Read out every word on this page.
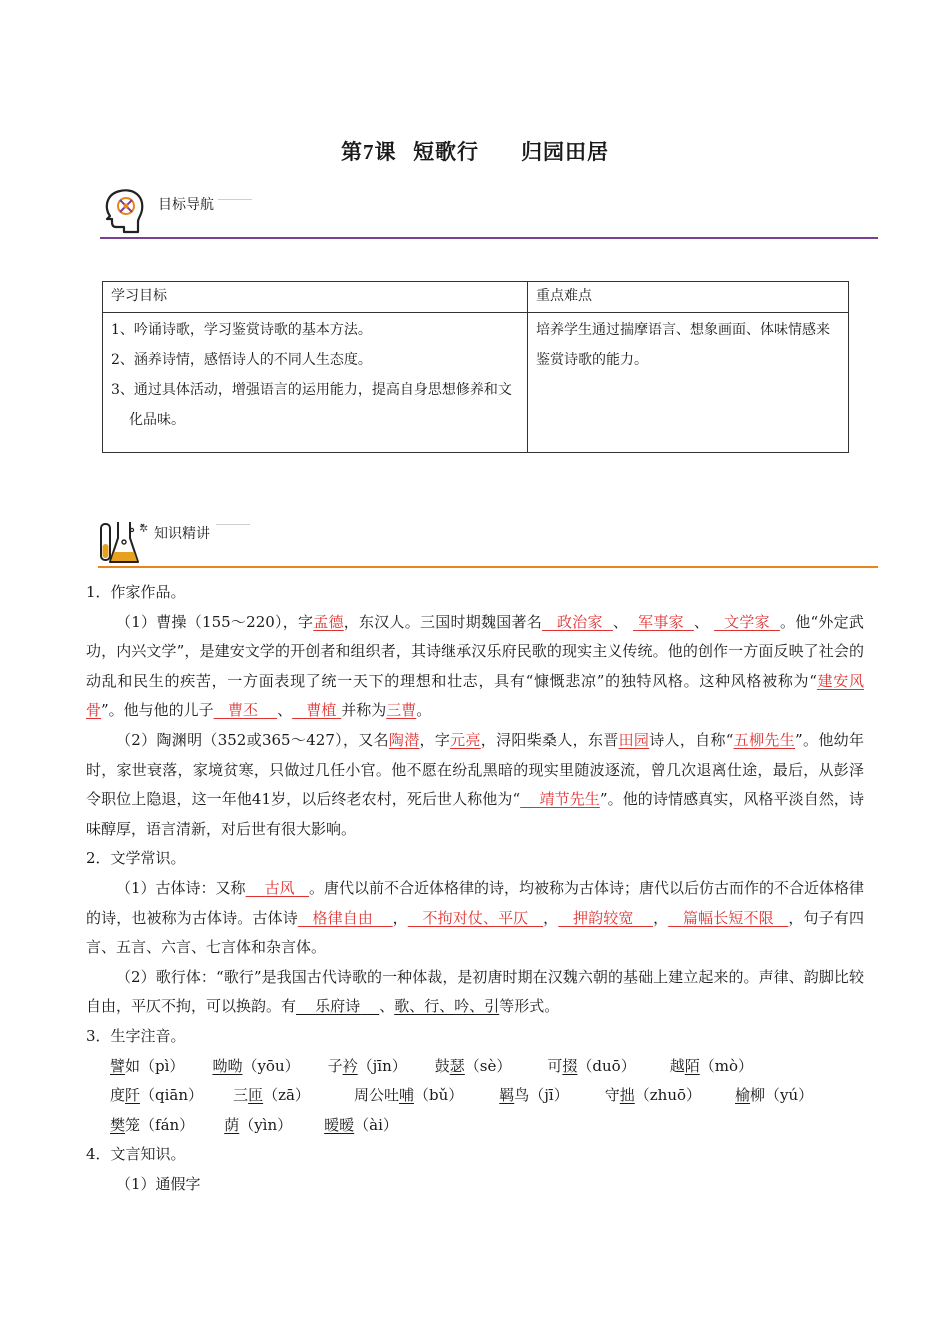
第7课 短歌行 归园田居
目标导航
学习目标	重点难点

1、吟诵诗歌，学习鉴赏诗歌的基本方法。
2、涵养诗情，感悟诗人的不同人生态度。
3、通过具体活动，增强语言的运用能力，提高自身思想修养和文化品味。	培养学生通过揣摩语言、想象画面、体味情感来鉴赏诗歌的能力。
✲ 知识精讲

1．作家作品。

（1）曹操（155～220），字孟德，东汉人。三国时期魏国著名 政治家 、 军事家 、 文学家 。他“外定武功，内兴文学”，是建安文学的开创者和组织者，其诗继承汉乐府民歌的现实主义传统。他的创作一方面反映了社会的动乱和民生的疾苦，一方面表现了统一天下的理想和壮志，具有“慷慨悲凉”的独特风格。这种风格被称为“建安风骨”。他与他的儿子 曹丕 、 曹植 并称为三曹。

（2）陶渊明（352或365～427），又名陶潜，字元亮，浔阳柴桑人，东晋田园诗人，自称“五柳先生”。他幼年时，家世衰落，家境贫寒，只做过几任小官。他不愿在纷乱黑暗的现实里随波逐流，曾几次退离仕途，最后，从彭泽令职位上隐退，这一年他41岁，以后终老农村，死后世人称他为“ 靖节先生”。他的诗情感真实，风格平淡自然，诗味醇厚，语言清新，对后世有很大影响。

2．文学常识。

（1）古体诗：又称 古风 。唐代以前不合近体格律的诗，均被称为古体诗；唐代以后仿古而作的不合近体格律的诗，也被称为古体诗。古体诗 格律自由 ， 不拘对仗、平仄 ， 押韵较宽 ， 篇幅长短不限 ，句子有四言、五言、六言、七言体和杂言体。

（2）歌行体：“歌行”是我国古代诗歌的一种体裁，是初唐时期在汉魏六朝的基础上建立起来的。声律、韵脚比较自由，平仄不拘，可以换韵。有 乐府诗 、歌、行、吟、引等形式。

3．生字注音。

譬如（pì） 呦呦（yōu） 子衿（jīn） 鼓瑟（sè） 可掇（duō） 越陌（mò）
度阡（qiān） 三匝（zā）	周公吐哺（bǔ） 羁鸟（jī） 守拙（zhuō） 榆柳（yú）
樊笼（fán） 荫（yìn） 暧暧（ài）

4．文言知识。

（1）通假字
